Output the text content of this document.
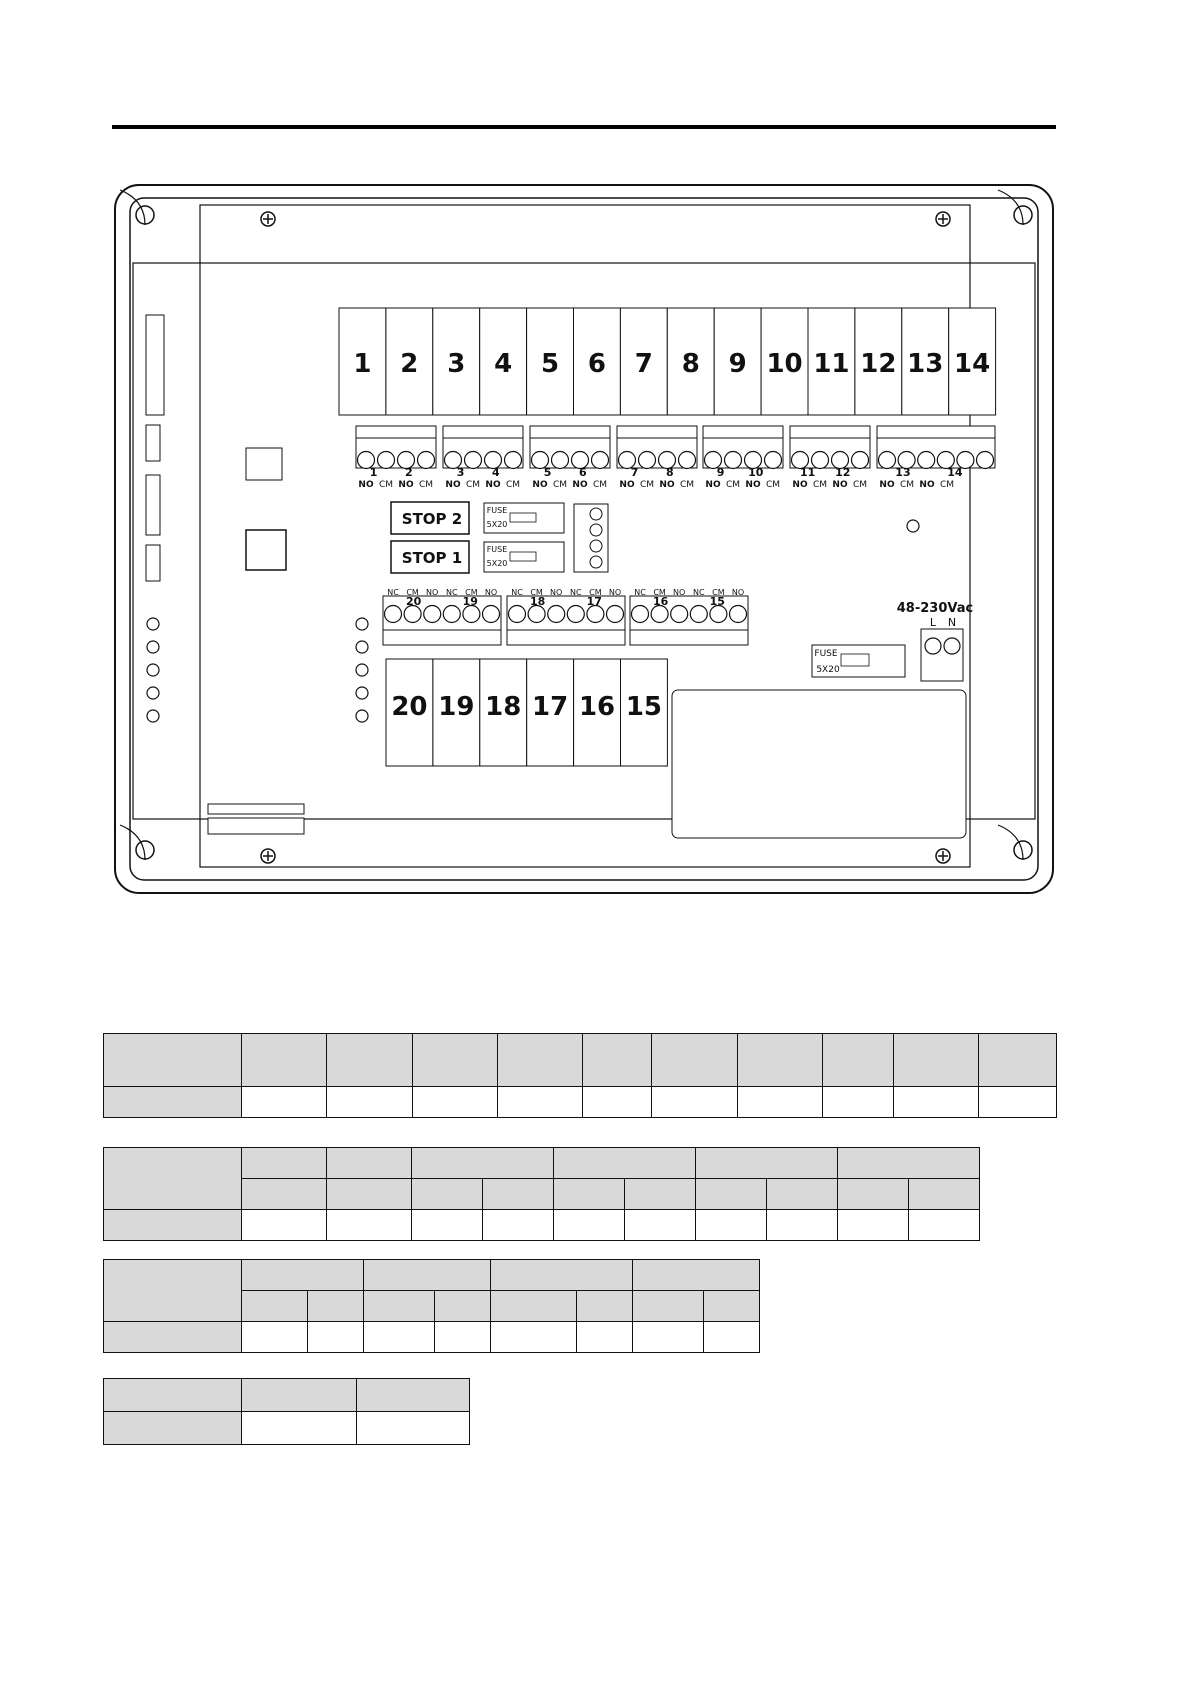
1 2 3 4 5 6 7 8 9 10 11 12 13 14
1	2
NO CM NO CM
3	4
NO CM NO CM
5	6
NO CM NO CM
7	8
NO CM NO CM
9 10
NO CM NO CM
11 12
NO CM NO CM
13	14
NO CM NO CM
STOP 2	FUSE
5X20
STOP 1	FUSE
5X20
20	19
NC CM NO NC CM NO
18	17
NC CM NO NC CM NO
16	15
NC CM NO NC CM NO
20 19 18 17 16 15
48-230Vac
L N
FUSE
5X20
